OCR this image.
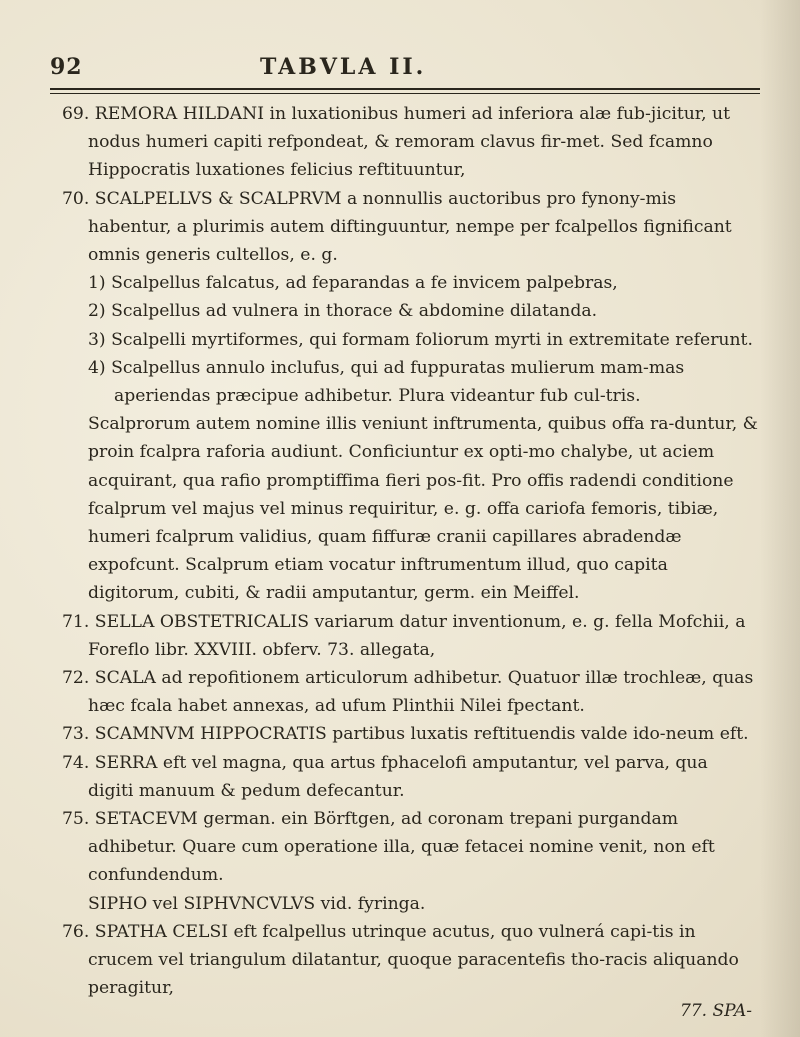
92	TABVLA II.

69. REMORA HILDANI in luxationibus humeri ad inferiora alæ fub-jicitur, ut nodus humeri capiti refpondeat, & remoram clavus fir-met. Sed fcamno Hippocratis luxationes felicius reftituuntur,

70. SCALPELLVS & SCALPRVM a nonnullis auctoribus pro fynony-mis habentur, a plurimis autem diftinguuntur, nempe per fcalpellos fignificant omnis generis cultellos, e. g.

1) Scalpellus falcatus, ad feparandas a fe invicem palpebras,

2) Scalpellus ad vulnera in thorace & abdomine dilatanda.

3) Scalpelli myrtiformes, qui formam foliorum myrti in extremitate referunt.

4) Scalpellus annulo inclufus, qui ad fuppuratas mulierum mam-mas aperiendas præcipue adhibetur. Plura videantur fub cul-tris.

Scalprorum autem nomine illis veniunt inftrumenta, quibus offa ra-duntur, & proin fcalpra raforia audiunt. Conficiuntur ex opti-mo chalybe, ut aciem acquirant, qua rafio promptiffima fieri pos-fit. Pro offis radendi conditione fcalprum vel majus vel minus requiritur, e. g. offa cariofa femoris, tibiæ, humeri fcalprum validius, quam fiffuræ cranii capillares abradendæ expofcunt. Scalprum etiam vocatur inftrumentum illud, quo capita digitorum, cubiti, & radii amputantur, germ. ein Meiffel.

71. SELLA OBSTETRICALIS variarum datur inventionum, e. g. fella Mofchii, a Foreflo libr. XXVIII. obferv. 73. allegata,

72. SCALA ad repofitionem articulorum adhibetur. Quatuor illæ trochleæ, quas hæc fcala habet annexas, ad ufum Plinthii Nilei fpectant.

73. SCAMNVM HIPPOCRATIS partibus luxatis reftituendis valde ido-neum eft.

74. SERRA eft vel magna, qua artus fphacelofi amputantur, vel parva, qua digiti manuum & pedum defecantur.

75. SETACEVM german. ein Börftgen, ad coronam trepani purgandam adhibetur. Quare cum operatione illa, quæ fetacei nomine venit, non eft confundendum.

SIPHO vel SIPHVNCVLVS vid. fyringa.

76. SPATHA CELSI eft fcalpellus utrinque acutus, quo vulnerá capi-tis in crucem vel triangulum dilatantur, quoque paracentefis tho-racis aliquando peragitur,

77. SPA-
